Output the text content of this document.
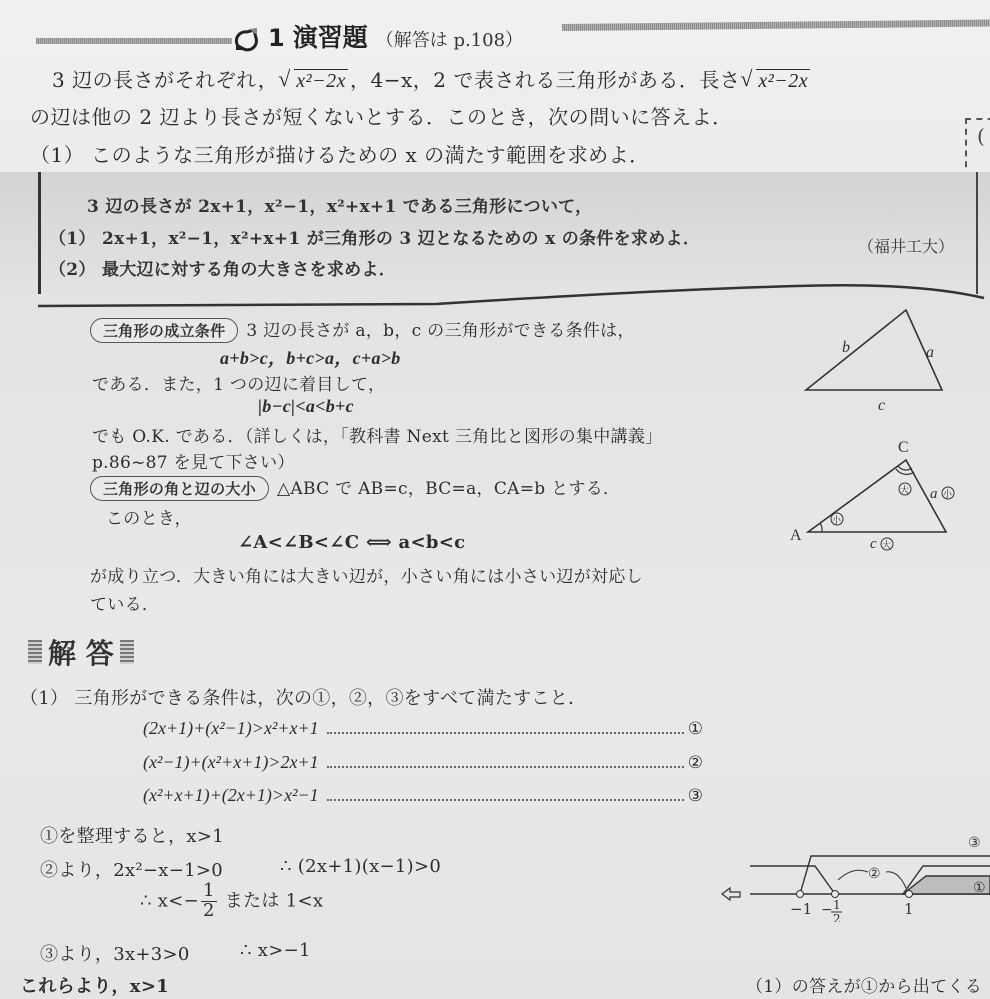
1 演習題 （解答は p.108）
3 辺の長さがそれぞれ， √ x²−2x ，4−x，2 で表される三角形がある．長さ √ x²−2x
の辺は他の 2 辺より長さが短くないとする．このとき，次の問いに答えよ．
（1） このような三角形が描けるための x の満たす範囲を求めよ．
(
3 辺の長さが 2x+1，x²−1，x²+x+1 である三角形について，
（1） 2x+1，x²−1，x²+x+1 が三角形の 3 辺となるための x の条件を求めよ．
（2） 最大辺に対する角の大きさを求めよ．
（福井工大）
三角形の成立条件 3 辺の長さが a，b，c の三角形ができる条件は，
a+b>c，b+c>a，c+a>b
である．また，1 つの辺に着目して，
|b−c|<a<b+c
でも O.K. である．（詳しくは，「教科書 Next 三角比と図形の集中講義」
p.86~87 を見て下さい）
三角形の角と辺の大小 △ABC で AB=c，BC=a，CA=b とする．
このとき，
∠A<∠B<∠C ⟺ a<b<c
が成り立つ．大きい角には大きい辺が，小さい角には小さい辺が対応し
ている．
b	a
c
A
C
小
大 a 小
c 大
解 答
（1） 三角形ができる条件は，次の①，②，③をすべて満たすこと．
(2x+1)+(x²−1)>x²+x+1	①
(x²−1)+(x²+x+1)>2x+1	②
(x²+x+1)+(2x+1)>x²−1	③
①を整理すると，x>1
②より，2x²−x−1>0	∴ (2x+1)(x−1)>0
∴ $x<- \frac{1}{2}$ または 1<x
③より，3x+3>0	∴ x>−1
これらより，x>1
②
①
③
−1 − 1
2
1
（1）の答えが①から出てくる
